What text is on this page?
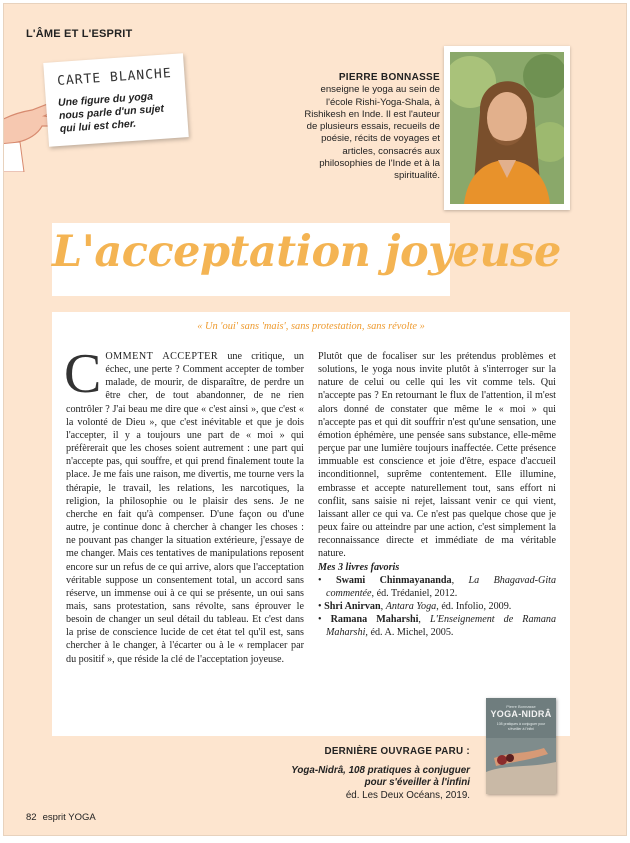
L'ÂME ET L'ESPRIT
CARTE BLANCHE
Une figure du yoga nous parle d'un sujet qui lui est cher.
PIERRE BONNASSE
enseigne le yoga au sein de l'école Rishi-Yoga-Shala, à Rishikesh en Inde. Il est l'auteur de plusieurs essais, recueils de poésie, récits de voyages et articles, consacrés aux philosophies de l'Inde et à la spiritualité.
L'acceptation joyeuse
« Un 'oui' sans 'mais', sans protestation, sans révolte »

COMMENT ACCEPTER une critique, un échec, une perte ? Comment accepter de tomber malade, de mourir, de disparaître, de perdre un être cher, de tout abandonner, de ne rien contrôler ? J'ai beau me dire que « c'est ainsi », que c'est « la volonté de Dieu », que c'est inévitable et que je dois l'accepter, il y a toujours une part de « moi » qui préfèrerait que les choses soient autrement : une part qui n'accepte pas, qui souffre, et qui prend finalement toute la place. Je me fais une raison, me divertis, me tourne vers la thérapie, le travail, les relations, les narcotiques, la religion, la philosophie ou le plaisir des sens. Je ne cherche en fait qu'à compenser. D'une façon ou d'une autre, je continue donc à chercher à changer les choses : ne pouvant pas changer la situation extérieure, j'essaye de me changer. Mais ces tentatives de manipulations reposent encore sur un refus de ce qui arrive, alors que l'acceptation véritable suppose un consentement total, un accord sans réserve, un immense oui à ce qui se présente, un oui sans mais, sans protestation, sans révolte, sans éprouver le besoin de changer un seul détail du tableau. Et c'est dans la prise de conscience lucide de cet état tel qu'il est, sans chercher à le changer, à l'écarter ou à le « remplacer par du positif », que réside la clé de l'acceptation joyeuse.

Plutôt que de focaliser sur les prétendus problèmes et solutions, le yoga nous invite plutôt à s'interroger sur la nature de celui ou celle qui les vit comme tels. Qui n'accepte pas ? En retournant le flux de l'attention, il m'est alors donné de constater que même le « moi » qui n'accepte pas et qui dit souffrir n'est qu'une sensation, une émotion éphémère, une pensée sans substance, elle-même perçue par une lumière toujours inaffectée. Cette présence immuable est conscience et joie d'être, espace d'accueil inconditionnel, suprême contentement. Elle illumine, embrasse et accepte naturellement tout, sans effort ni conflit, sans saisie ni rejet, laissant venir ce qui vient, laissant aller ce qui va. Ce n'est pas quelque chose que je peux faire ou atteindre par une action, c'est simplement la reconnaissance directe et immédiate de ma véritable nature.

Mes 3 livres favoris

• Swami Chinmayananda, La Bhagavad-Gita commentée, éd. Trédaniel, 2012.

• Shri Anirvan, Antara Yoga, éd. Infolio, 2009.

• Ramana Maharshi, L'Enseignement de Ramana Maharshi, éd. A. Michel, 2005.

DERNIÈRE OUVRAGE PARU :
Yoga-Nidrâ, 108 pratiques à conjuguer pour s'éveiller à l'infini
éd. Les Deux Océans, 2019.
Pierre Bonnasse
YOGA-NIDRÂ
108 pratiques à conjuguer pour s'éveiller à l'infini
82 esprit YOGA
